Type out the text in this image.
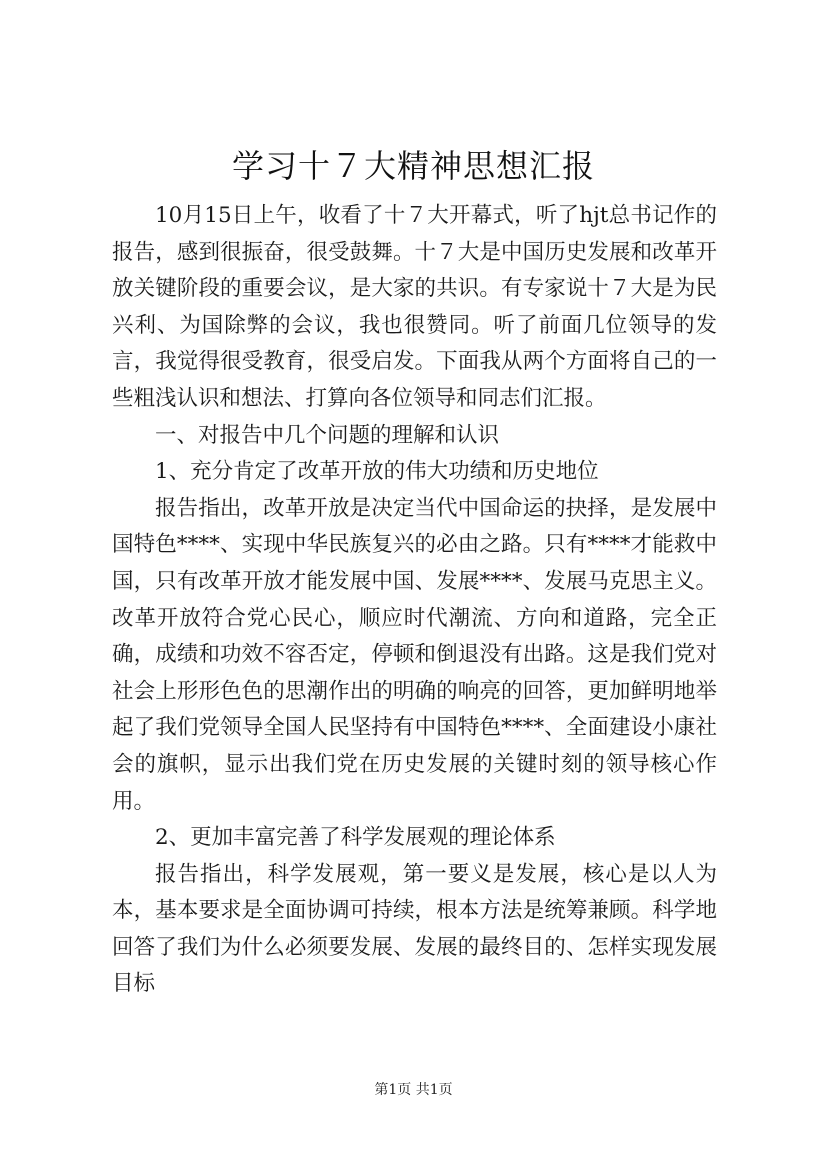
学习十７大精神思想汇报

10月15日上午，收看了十７大开幕式，听了hjt总书记作的报告，感到很振奋，很受鼓舞。十７大是中国历史发展和改革开放关键阶段的重要会议，是大家的共识。有专家说十７大是为民兴利、为国除弊的会议，我也很赞同。听了前面几位领导的发言，我觉得很受教育，很受启发。下面我从两个方面将自己的一些粗浅认识和想法、打算向各位领导和同志们汇报。

一、对报告中几个问题的理解和认识

1、充分肯定了改革开放的伟大功绩和历史地位

报告指出，改革开放是决定当代中国命运的抉择，是发展中国特色****、实现中华民族复兴的必由之路。只有****才能救中国，只有改革开放才能发展中国、发展****、发展马克思主义。改革开放符合党心民心，顺应时代潮流、方向和道路，完全正确，成绩和功效不容否定，停顿和倒退没有出路。这是我们党对社会上形形色色的思潮作出的明确的响亮的回答，更加鲜明地举起了我们党领导全国人民坚持有中国特色****、全面建设小康社会的旗帜，显示出我们党在历史发展的关键时刻的领导核心作用。

2、更加丰富完善了科学发展观的理论体系

报告指出，科学发展观，第一要义是发展，核心是以人为本，基本要求是全面协调可持续，根本方法是统筹兼顾。科学地回答了我们为什么必须要发展、发展的最终目的、怎样实现发展目标

第1页 共1页
